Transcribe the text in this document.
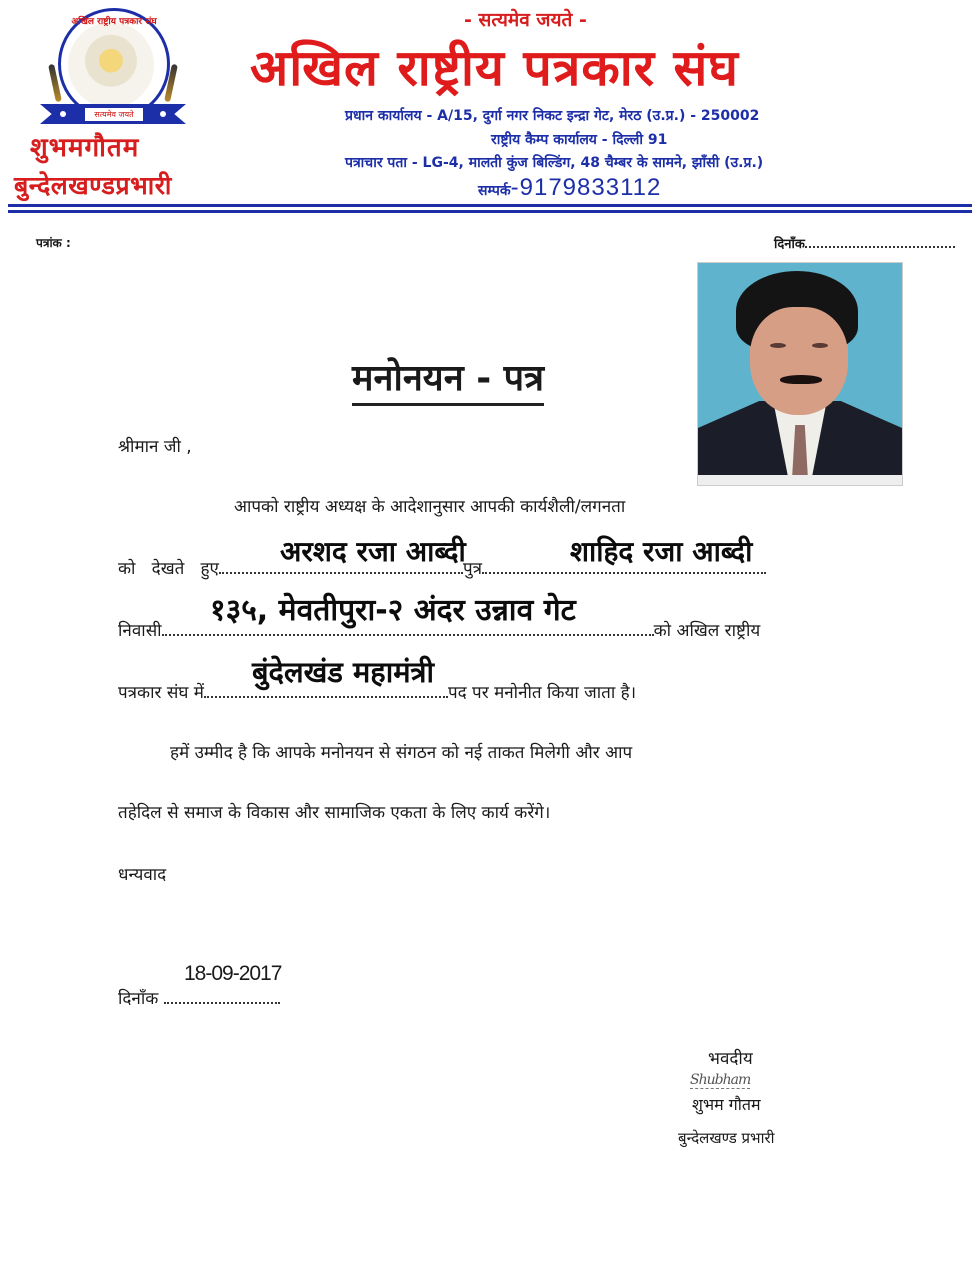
अखिल राष्ट्रीय पत्रकार संघ
सत्यमेव जयते
शुभमगौतम
बुन्देलखण्डप्रभारी
- सत्यमेव जयते -
अखिल राष्ट्रीय पत्रकार संघ
प्रधान कार्यालय - A/15, दुर्गा नगर निकट इन्द्रा गेट, मेरठ (उ.प्र.) - 250002
राष्ट्रीय कैम्प कार्यालय - दिल्ली 91
पत्राचार पता - LG-4, मालती कुंज बिल्डिंग, 48 चैम्बर के सामने, झाँसी (उ.प्र.)
सम्पर्क-9179833112
पत्रांक :	दिनाँक
मनोनयन - पत्र
श्रीमान जी ,
आपको राष्ट्रीय अध्यक्ष के आदेशानुसार आपकी कार्यशैली/लगनता
को   देखते   हुए	पुत्र
अरशद रजा आब्दी	शाहिद रजा आब्दी
निवासी	को अखिल राष्ट्रीय
१३५, मेवतीपुरा-२ अंदर उन्नाव गेट
पत्रकार संघ में	पद पर मनोनीत किया जाता है।
बुंदेलखंड महामंत्री
हमें उम्मीद है कि आपके मनोनयन से संगठन को नई ताकत मिलेगी और आप
तहेदिल से समाज के विकास और सामाजिक एकता के लिए कार्य करेंगे।
धन्यवाद
18-09-2017
दिनाँक
भवदीय
Shubham
शुभम गौतम
बुन्देलखण्ड प्रभारी
